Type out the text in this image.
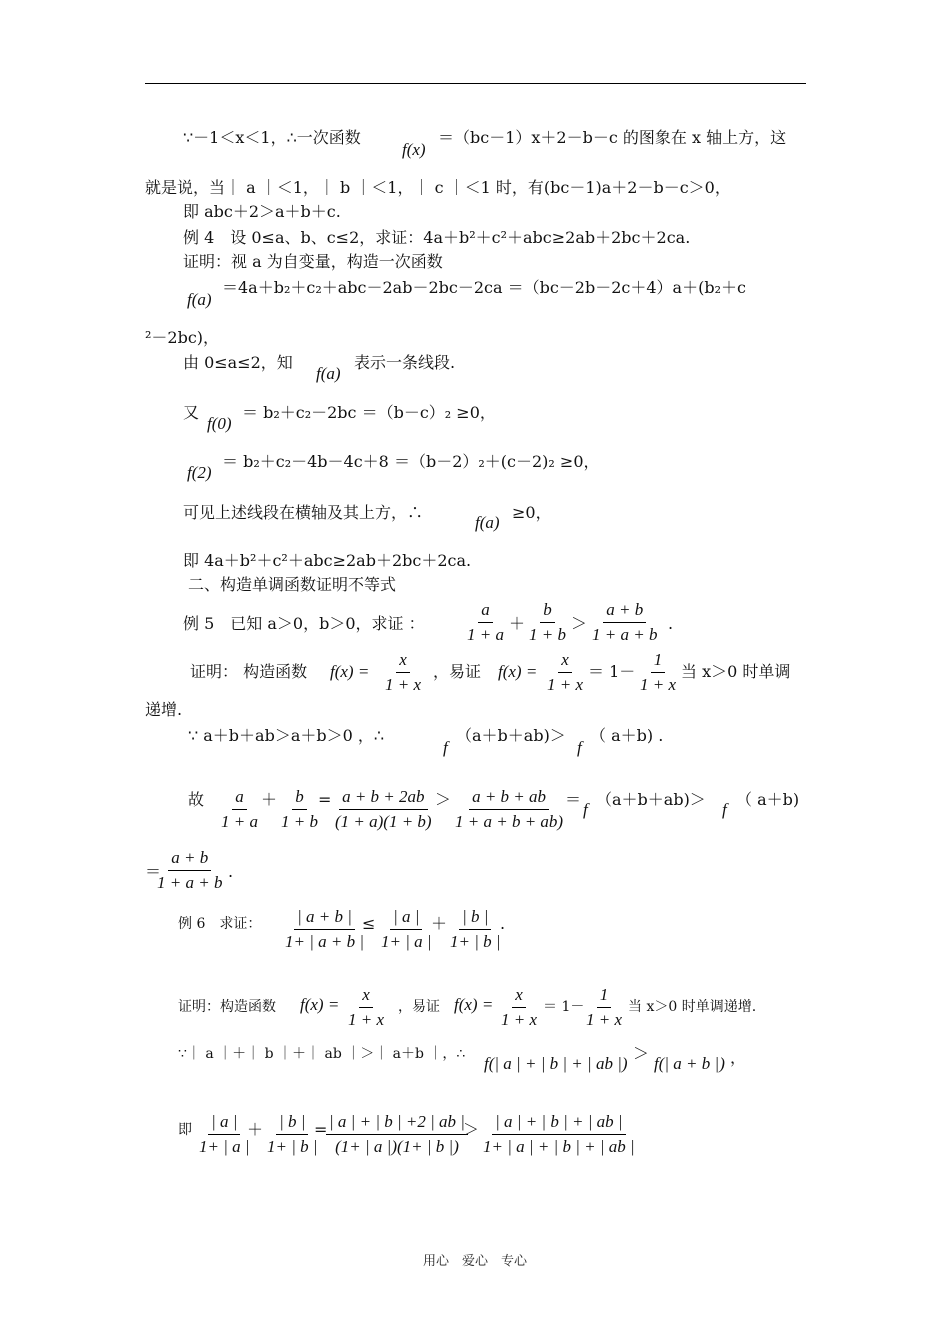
∵－1＜x＜1，∴一次函数
f(x)
＝（bc－1）x＋2－b－c 的图象在 x 轴上方，这
就是说，当｜ a ｜＜1，｜ b ｜＜1，｜ c ｜＜1 时，有(bc－1)a＋2－b－c＞0，
即 abc＋2＞a＋b＋c.
例 4　设 0≤a、b、c≤2，求证：4a＋b²＋c²＋abc≥2ab＋2bc＋2ca.
证明：视 a 为自变量，构造一次函数
f(a)
＝4a＋b₂＋c₂＋abc－2ab－2bc－2ca ＝（bc－2b－2c＋4）a＋(b₂＋c
²－2bc)，
由 0≤a≤2，知
f(a)
表示一条线段.
又
f(0)
＝ b₂＋c₂－2bc ＝（b－c）₂ ≥0，
f(2)
＝ b₂＋c₂－4b－4c＋8 ＝（b－2）₂＋(c－2)₂ ≥0，
可见上述线段在横轴及其上方，∴
f(a)
≥0，
即 4a＋b²＋c²＋abc≥2ab＋2bc＋2ca.
二、构造单调函数证明不等式
例 5　已知 a＞0，b＞0，求证 ： $\frac{a}{1 + a} + \frac{b}{1 + b} > \frac{a + b}{1 + a + b}$ .
证明： 构造函数 $f(x) = \frac{x}{1 + x}$ ，易证 $f(x) = \frac{x}{1 + x} = 1- \frac{1}{1 + x}$ 当 x＞0 时单调
递增.
∵ a＋b＋ab＞a＋b＞0 ，∴
f
（a＋b＋ab)＞
f
（ a＋b) .
故 $\frac{a}{1 + a} + \frac{b}{1 + b}$
= $\frac{a + b + 2ab}{(1 + a)(1 + b)} > \frac{a + b + ab}{1 + a + b + ab)}$
＝
f
（a＋b＋ab)＞
f
（ a＋b)
＝
$\frac{a + b}{1 + a + b}$ .
例 6　求证： $\frac{| a + b |}{1+ | a + b |}$
≤ $\frac{| a |}{1+ | a |}$
＋ $\frac{| b |}{1+ | b |}$
.
证明：构造函数 $f(x) = \frac{x}{1 + x}$ ，易证 $f(x) = \frac{x}{1 + x} = 1-$
$\frac{1}{1 + x}$ 当 x＞0 时单调递增.
∵｜ a ｜＋｜ b ｜＋｜ ab ｜＞｜ a＋b ｜，∴ f(| a | + | b | + | ab |)
＞
f(| a + b |) ，
即 $\frac{| a |}{1+ | a |}$
＋ $\frac{| b |}{1+ | b |}$
=
$\frac{| a | + | b | +2 | ab |}{(1+ | a |)(1+ | b |)}$
＞ $\frac{| a | + | b | + | ab |}{1+ | a | + | b | + | ab |}$
用心　爱心　专心
